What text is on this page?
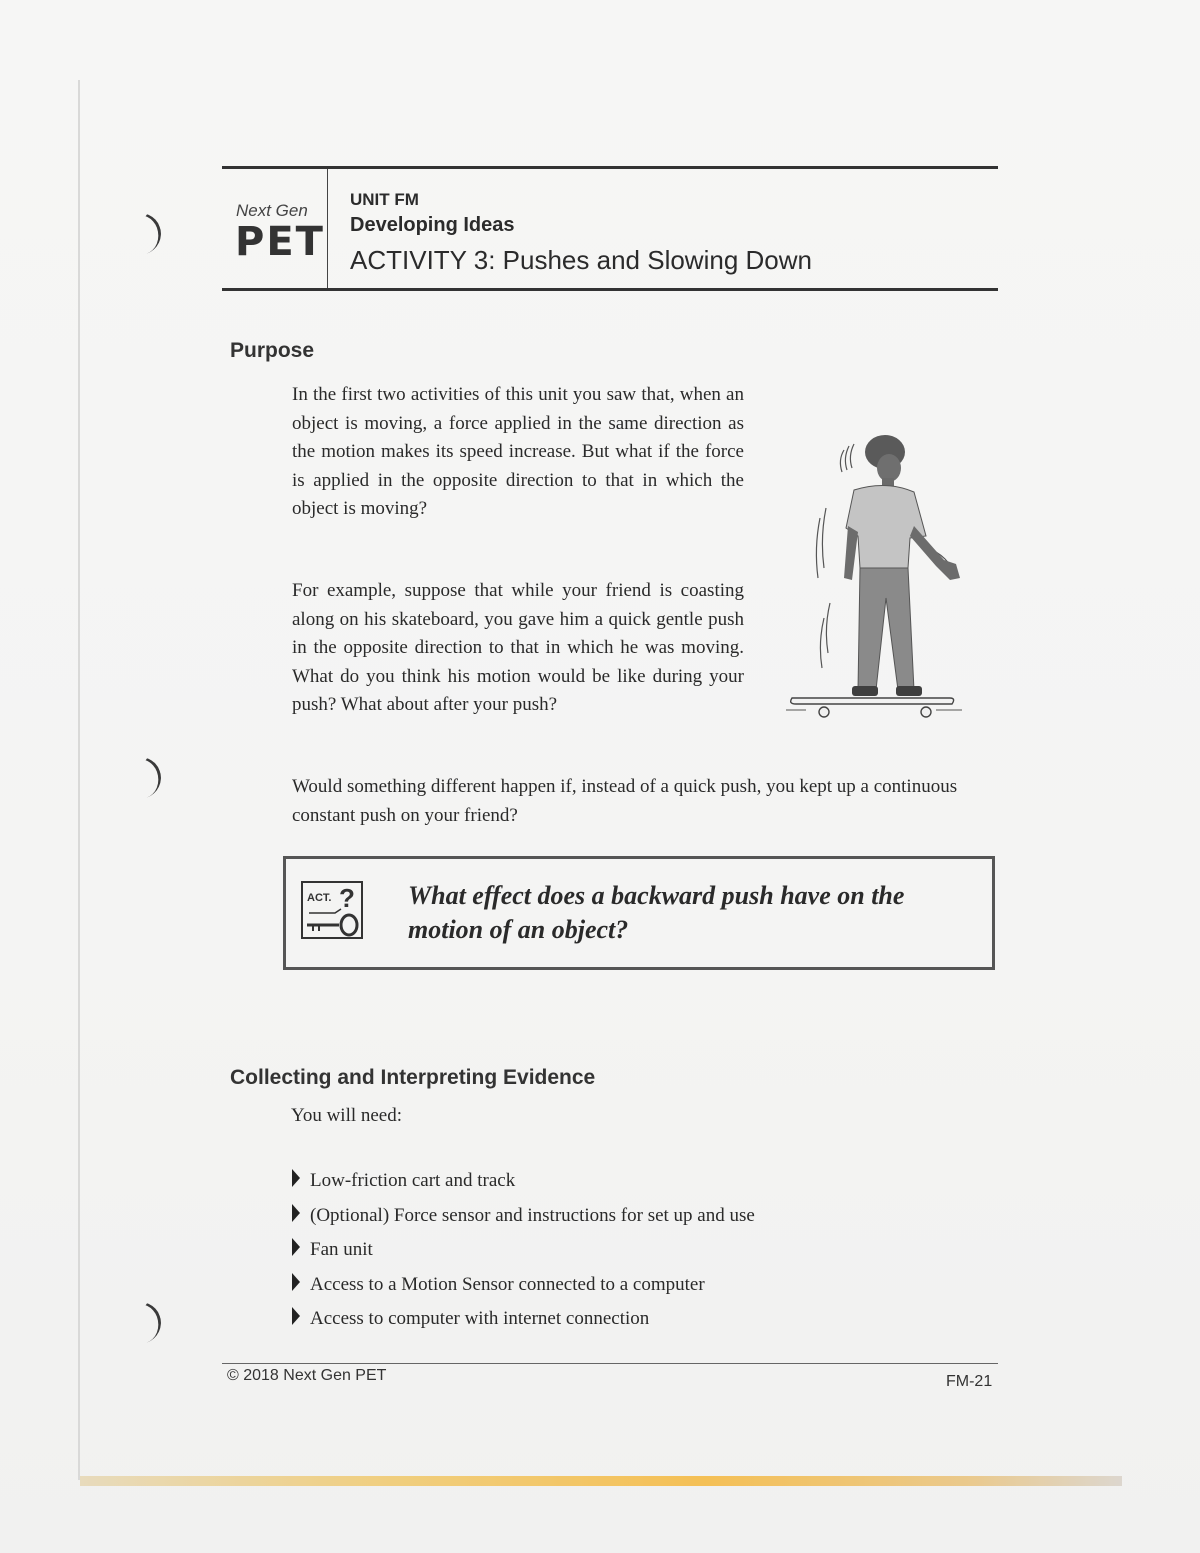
Next Gen
PET
UNIT FM
Developing Ideas
ACTIVITY 3: Pushes and Slowing Down
Purpose

In the first two activities of this unit you saw that, when an object is moving, a force applied in the same direction as the motion makes its speed increase. But what if the force is applied in the opposite direction to that in which the object is moving?

For example, suppose that while your friend is coasting along on his skateboard, you gave him a quick gentle push in the opposite direction to that in which he was moving. What do you think his motion would be like during your push? What about after your push?

Would something different happen if, instead of a quick push, you kept up a continuous constant push on your friend?

ACT. ? What effect does a backward push have on the motion of an object?
Collecting and Interpreting Evidence
You will need:
Low-friction cart and track
(Optional) Force sensor and instructions for set up and use
Fan unit
Access to a Motion Sensor connected to a computer
Access to computer with internet connection
© 2018 Next Gen PET	FM-21
